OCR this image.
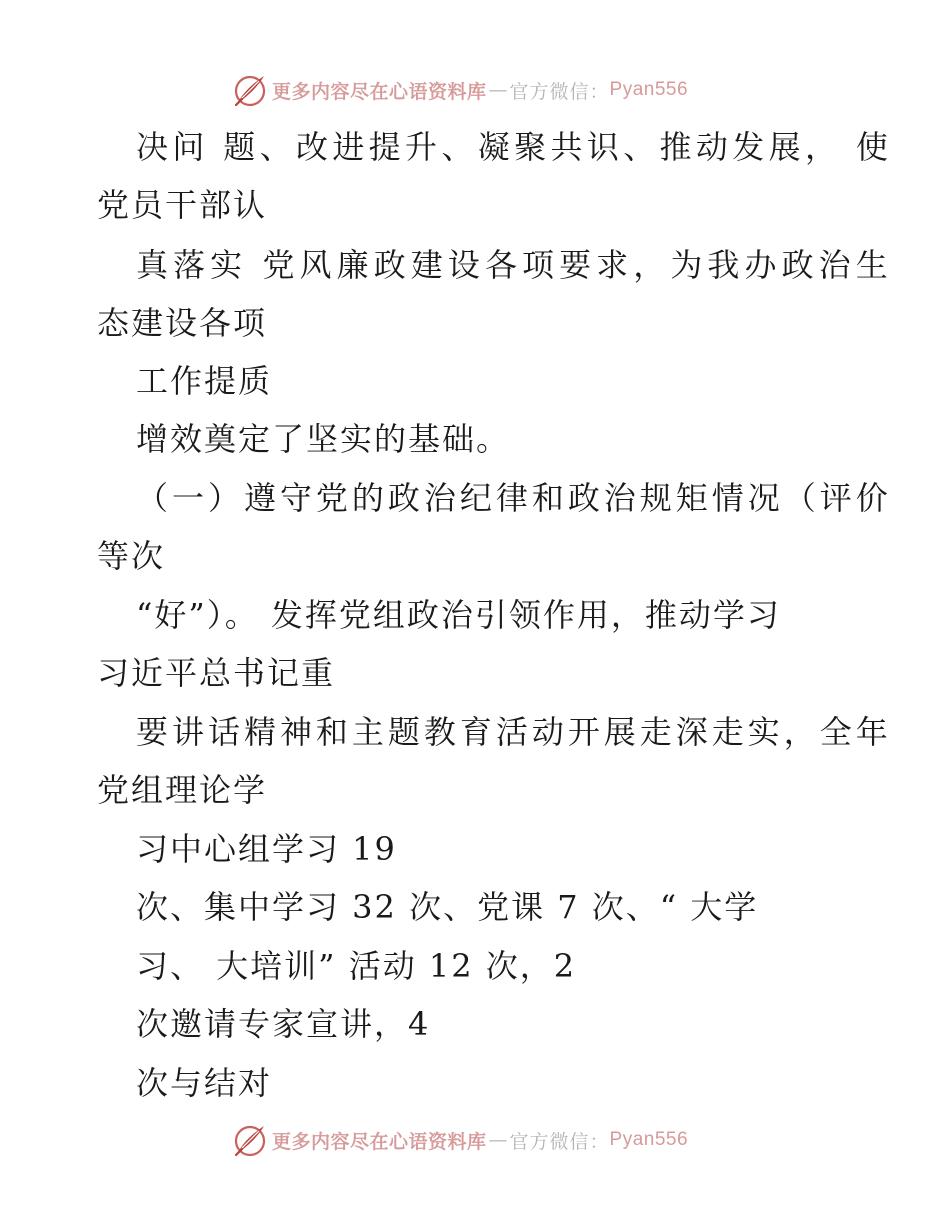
更多内容尽在心语资料库 — 官方微信： Pyan556
决 问
题 、 改 进 提 升 、 凝 聚 共 识 、 推 动 发 展 ，
使
党员干部认
真 落 实
党 风 廉 政 建 设 各 项 要 求 ， 为 我 办 政 治 生
态建设各项
工作提质
增效奠定了坚实的基础。
（ 一 ） 遵 守 党 的 政 治 纪 律 和 政 治 规 矩 情 况 （ 评 价
等次
“好”）。 发挥党组政治引领作用，推动学习
习近平总书记重
要 讲 话 精 神 和 主 题 教 育 活 动 开 展 走 深 走 实 ， 全 年
党组理论学
习中心组学习 19
次、集中学习 32 次、党课 7 次、“ 大学
习、 大培训” 活动 12 次，2
次邀请专家宣讲，4
次与结对
更多内容尽在心语资料库 — 官方微信： Pyan556
